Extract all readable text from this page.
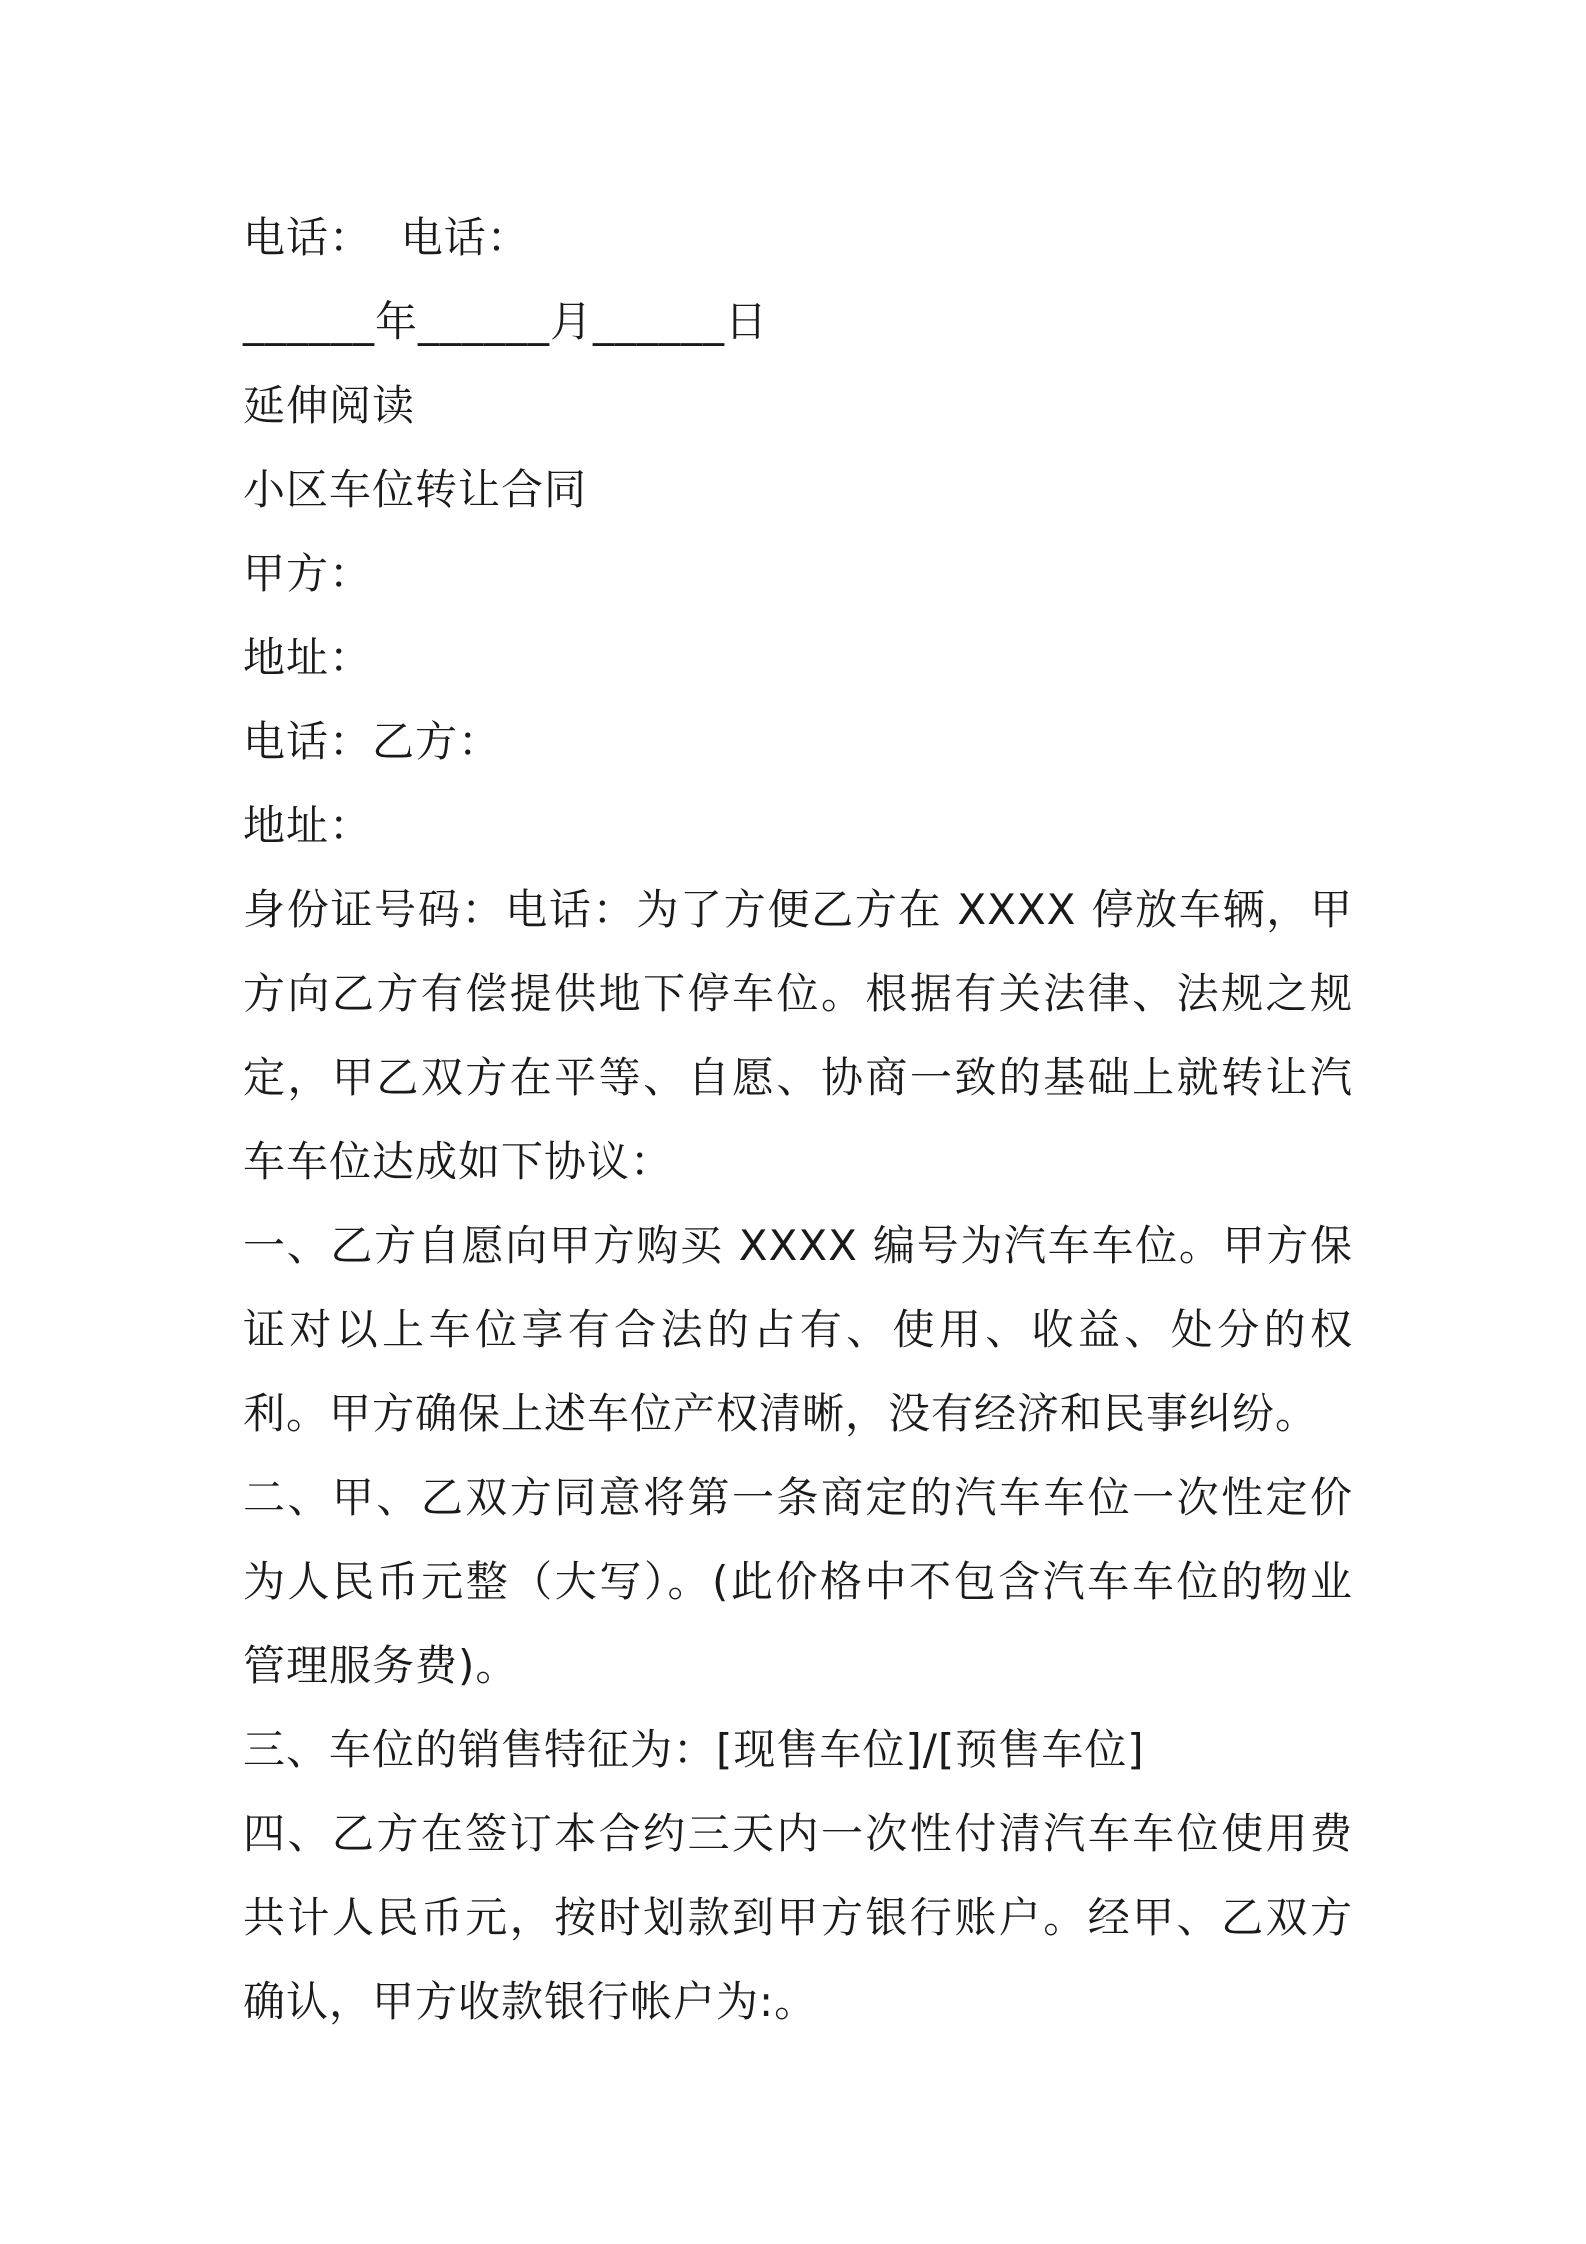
电话：  电话：
______年______月______日
延伸阅读
小区车位转让合同
甲方：
地址：
电话：乙方：
地址：

身份证号码：电话：为了方便乙方在 XXXX 停放车辆，甲方向乙方有偿提供地下停车位。根据有关法律、法规之规定，甲乙双方在平等、自愿、协商一致的基础上就转让汽车车位达成如下协议：

一、乙方自愿向甲方购买 XXXX 编号为汽车车位。甲方保证对以上车位享有合法的占有、使用、收益、处分的权利。甲方确保上述车位产权清晰，没有经济和民事纠纷。

二、甲、乙双方同意将第一条商定的汽车车位一次性定价为人民币元整（大写）。(此价格中不包含汽车车位的物业管理服务费)。

三、车位的销售特征为：[现售车位]/[预售车位]

四、乙方在签订本合约三天内一次性付清汽车车位使用费共计人民币元，按时划款到甲方银行账户。经甲、乙双方确认，甲方收款银行帐户为:。
